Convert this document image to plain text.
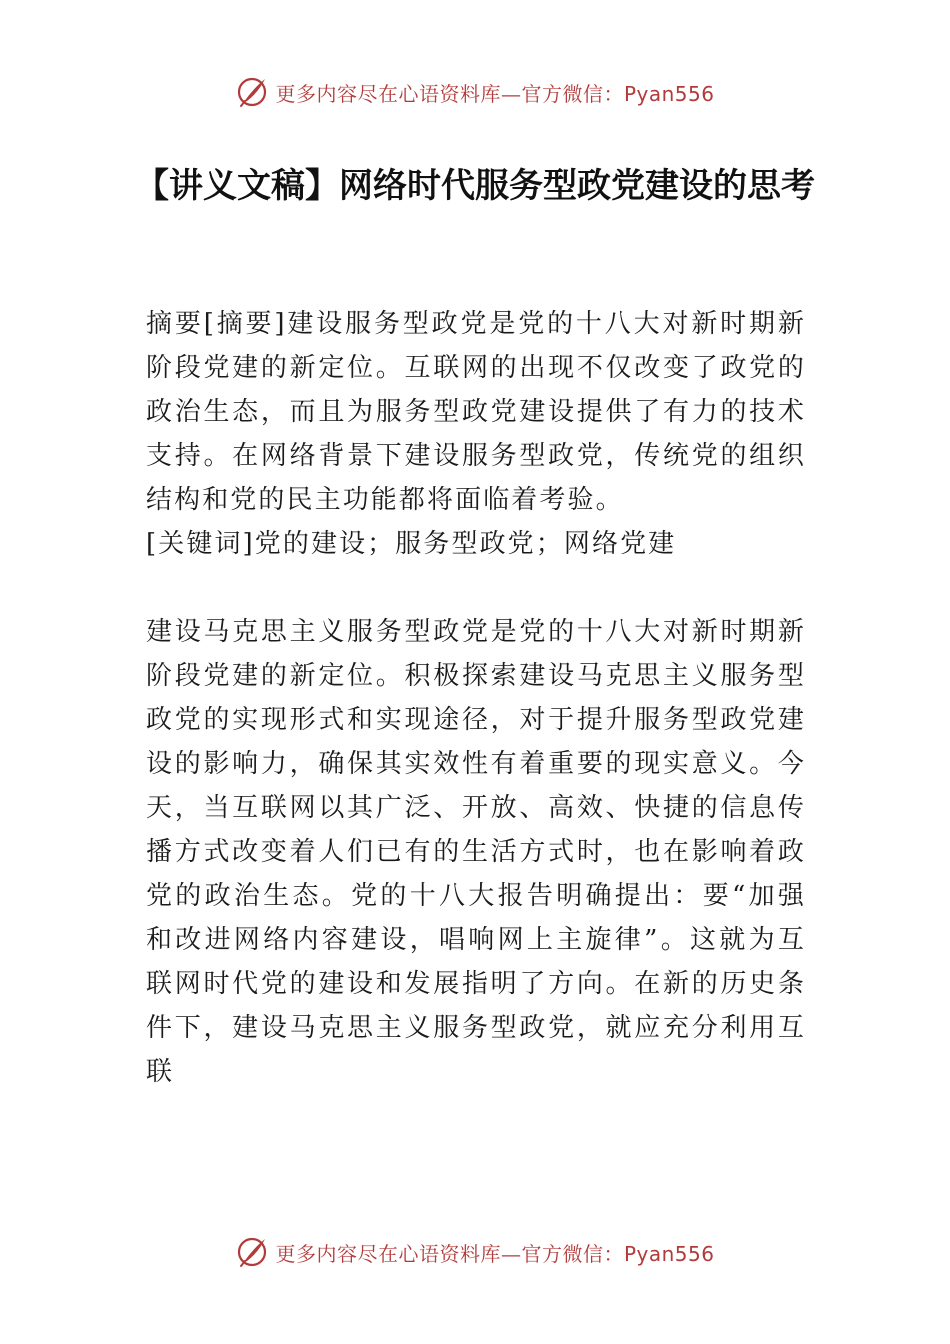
更多内容尽在心语资料库—官方微信：Pyan556
【讲义文稿】网络时代服务型政党建设的思考

摘要[摘要]建设服务型政党是党的十八大对新时期新阶段党建的新定位。互联网的出现不仅改变了政党的政治生态，而且为服务型政党建设提供了有力的技术支持。在网络背景下建设服务型政党，传统党的组织结构和党的民主功能都将面临着考验。

[关键词]党的建设；服务型政党；网络党建

建设马克思主义服务型政党是党的十八大对新时期新阶段党建的新定位。积极探索建设马克思主义服务型政党的实现形式和实现途径，对于提升服务型政党建设的影响力，确保其实效性有着重要的现实意义。今天，当互联网以其广泛、开放、高效、快捷的信息传播方式改变着人们已有的生活方式时，也在影响着政党的政治生态。党的十八大报告明确提出：要“加强和改进网络内容建设，唱响网上主旋律”。这就为互联网时代党的建设和发展指明了方向。在新的历史条件下，建设马克思主义服务型政党，就应充分利用互联

更多内容尽在心语资料库—官方微信：Pyan556
